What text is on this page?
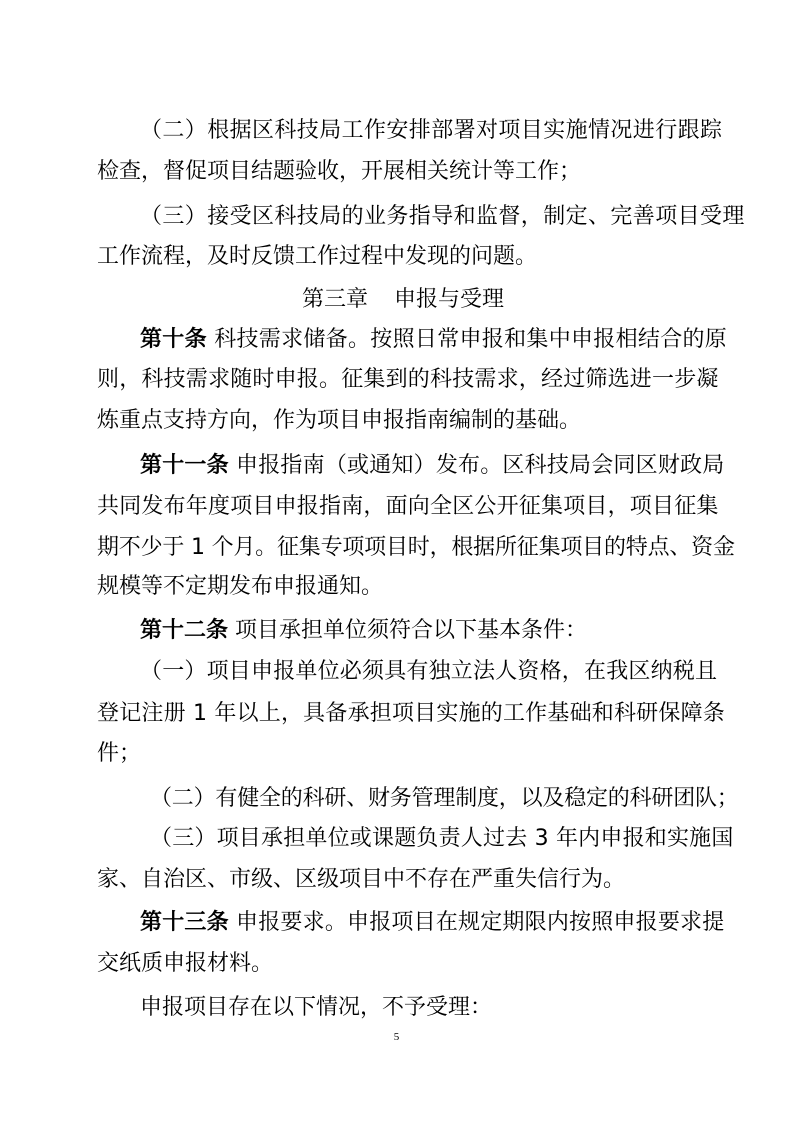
（二）根据区科技局工作安排部署对项目实施情况进行跟踪
检查，督促项目结题验收，开展相关统计等工作；
（三）接受区科技局的业务指导和监督，制定、完善项目受理
工作流程，及时反馈工作过程中发现的问题。
第三章 申报与受理
第十条 科技需求储备。按照日常申报和集中申报相结合的原
则，科技需求随时申报。征集到的科技需求，经过筛选进一步凝
炼重点支持方向，作为项目申报指南编制的基础。
第十一条 申报指南（或通知）发布。区科技局会同区财政局
共同发布年度项目申报指南，面向全区公开征集项目，项目征集
期不少于 1 个月。征集专项项目时，根据所征集项目的特点、资金
规模等不定期发布申报通知。
第十二条 项目承担单位须符合以下基本条件：
（一）项目申报单位必须具有独立法人资格，在我区纳税且
登记注册 1 年以上，具备承担项目实施的工作基础和科研保障条
件；
（二）有健全的科研、财务管理制度，以及稳定的科研团队；
（三）项目承担单位或课题负责人过去 3 年内申报和实施国
家、自治区、市级、区级项目中不存在严重失信行为。
第十三条 申报要求。申报项目在规定期限内按照申报要求提
交纸质申报材料。
申报项目存在以下情况，不予受理：
5
